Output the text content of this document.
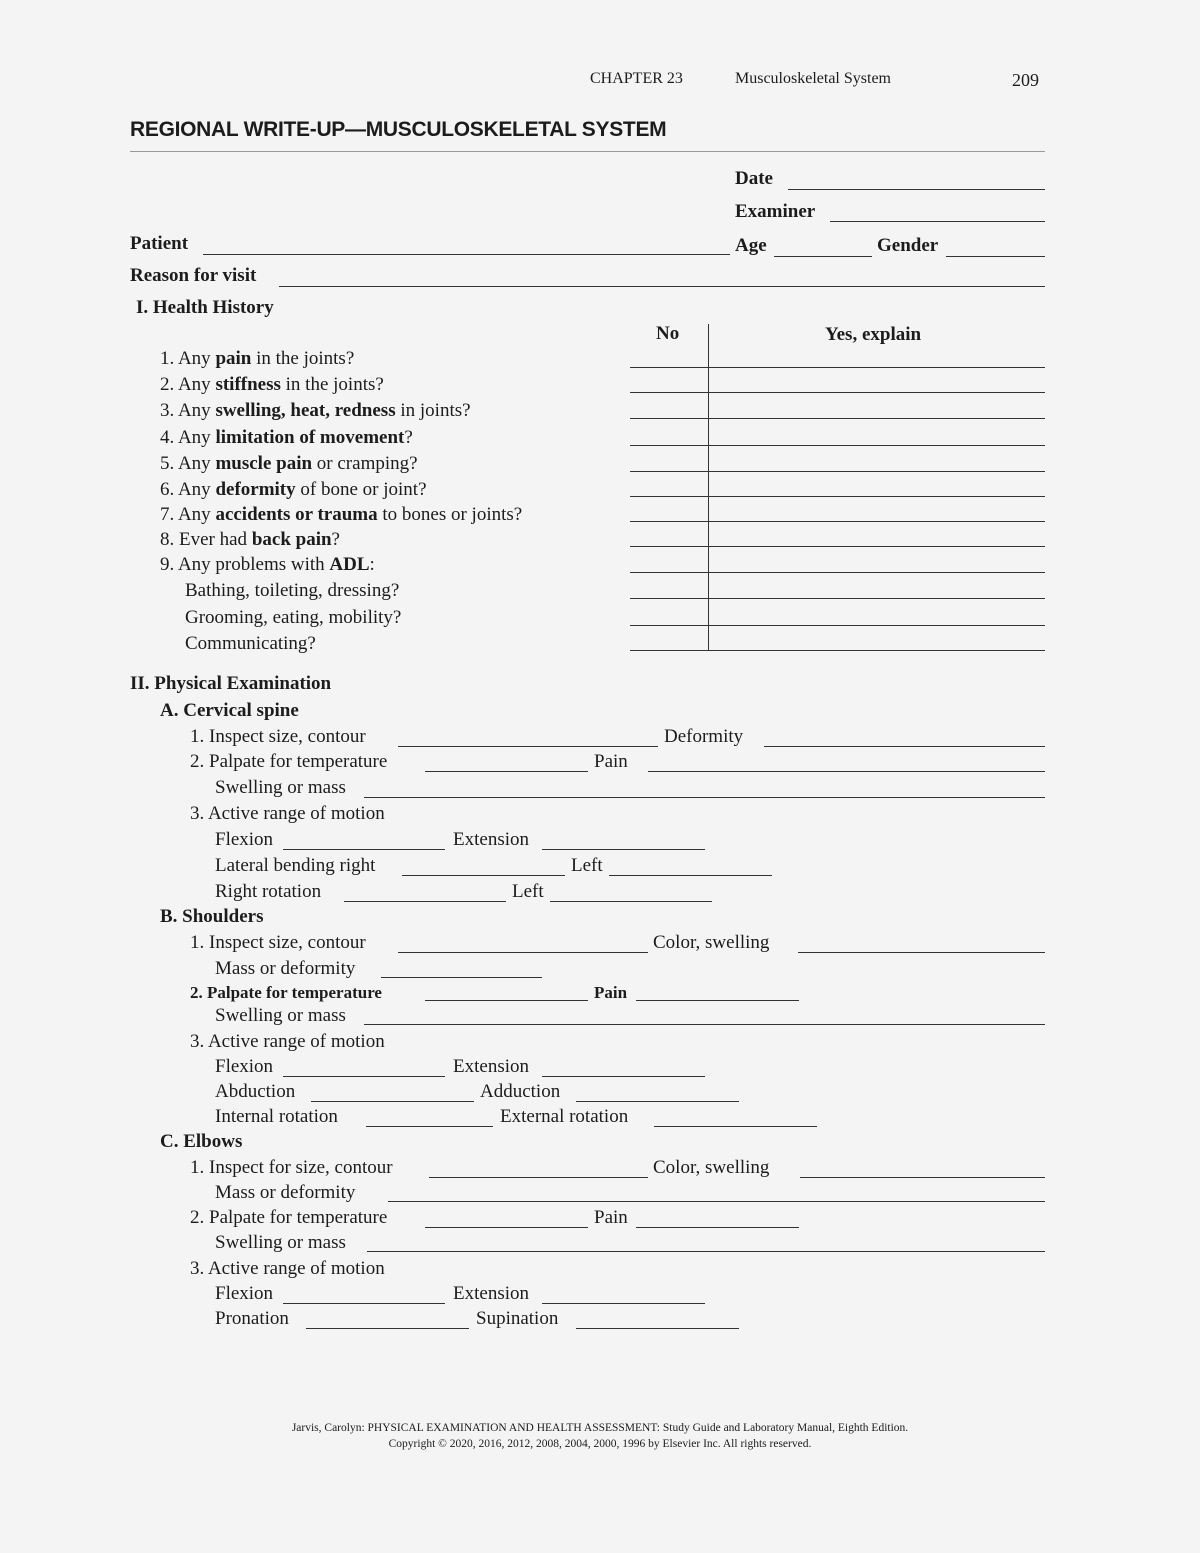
CHAPTER 23	Musculoskeletal System	209
REGIONAL WRITE-UP—MUSCULOSKELETAL SYSTEM
Date
Examiner
Patient	Age	Gender
Reason for visit
I. Health History
No	Yes, explain
1. Any pain in the joints?
2. Any stiffness in the joints?
3. Any swelling, heat, redness in joints?
4. Any limitation of movement?
5. Any muscle pain or cramping?
6. Any deformity of bone or joint?
7. Any accidents or trauma to bones or joints?
8. Ever had back pain?
9. Any problems with ADL:
Bathing, toileting, dressing?
Grooming, eating, mobility?
Communicating?
II. Physical Examination
A. Cervical spine
1. Inspect size, contour	Deformity
2. Palpate for temperature	Pain
Swelling or mass
3. Active range of motion
Flexion	Extension
Lateral bending right	Left
Right rotation	Left
B. Shoulders
1. Inspect size, contour	Color, swelling
Mass or deformity
2. Palpate for temperature	Pain
Swelling or mass
3. Active range of motion
Flexion	Extension
Abduction	Adduction
Internal rotation	External rotation
C. Elbows
1. Inspect for size, contour	Color, swelling
Mass or deformity
2. Palpate for temperature	Pain
Swelling or mass
3. Active range of motion
Flexion	Extension
Pronation	Supination
Jarvis, Carolyn: PHYSICAL EXAMINATION AND HEALTH ASSESSMENT: Study Guide and Laboratory Manual, Eighth Edition.
Copyright © 2020, 2016, 2012, 2008, 2004, 2000, 1996 by Elsevier Inc. All rights reserved.
